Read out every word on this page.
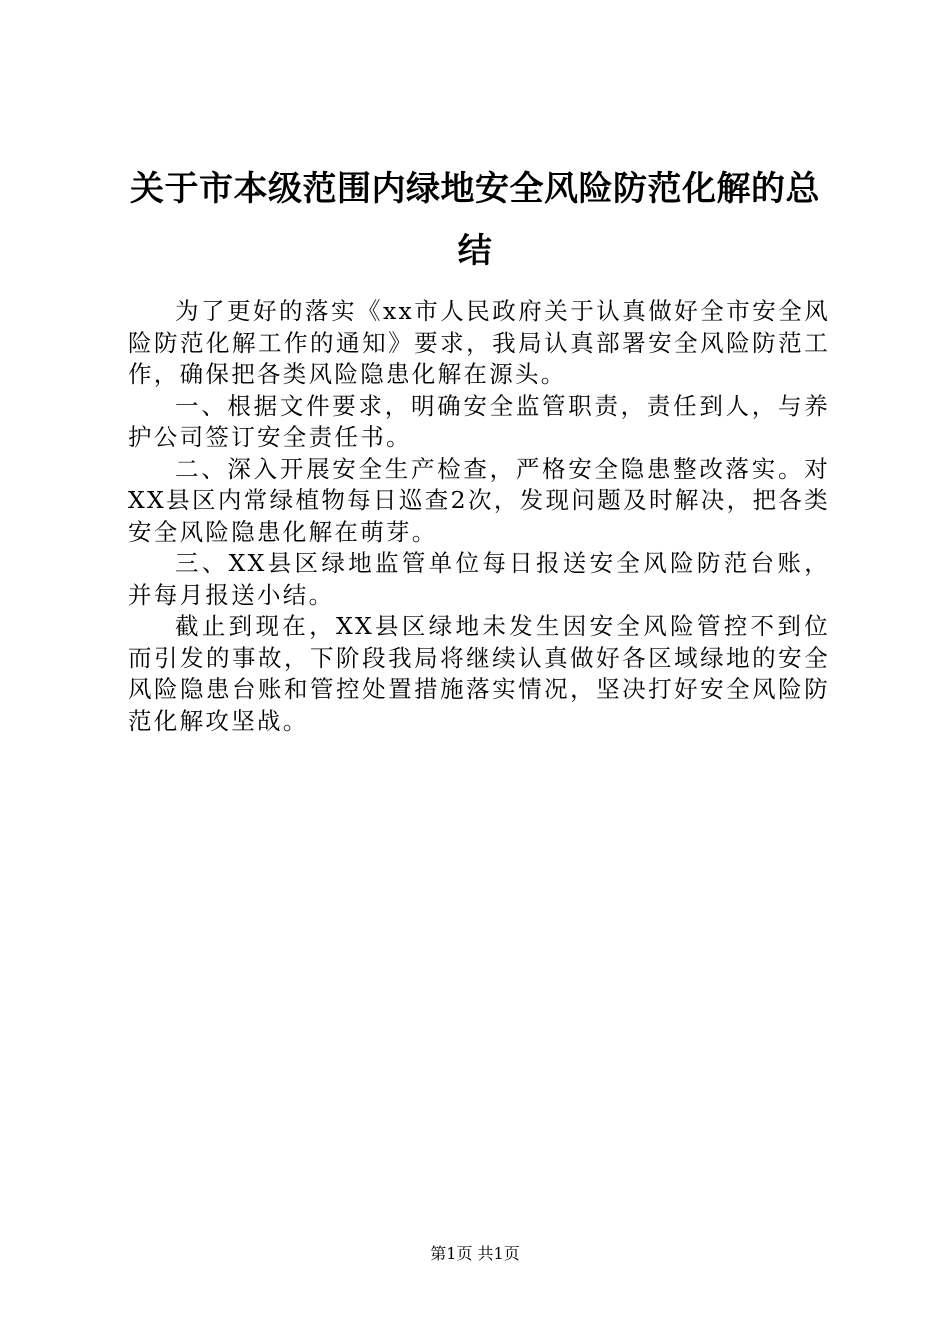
关于市本级范围内绿地安全风险防范化解的总结

为了更好的落实《xx市人民政府关于认真做好全市安全风险防范化解工作的通知》要求，我局认真部署安全风险防范工作，确保把各类风险隐患化解在源头。

一、根据文件要求，明确安全监管职责，责任到人，与养护公司签订安全责任书。

二、深入开展安全生产检查，严格安全隐患整改落实。对XX县区内常绿植物每日巡查2次，发现问题及时解决，把各类安全风险隐患化解在萌芽。

三、XX县区绿地监管单位每日报送安全风险防范台账，并每月报送小结。

截止到现在，XX县区绿地未发生因安全风险管控不到位而引发的事故，下阶段我局将继续认真做好各区域绿地的安全风险隐患台账和管控处置措施落实情况，坚决打好安全风险防范化解攻坚战。

第1页 共1页
